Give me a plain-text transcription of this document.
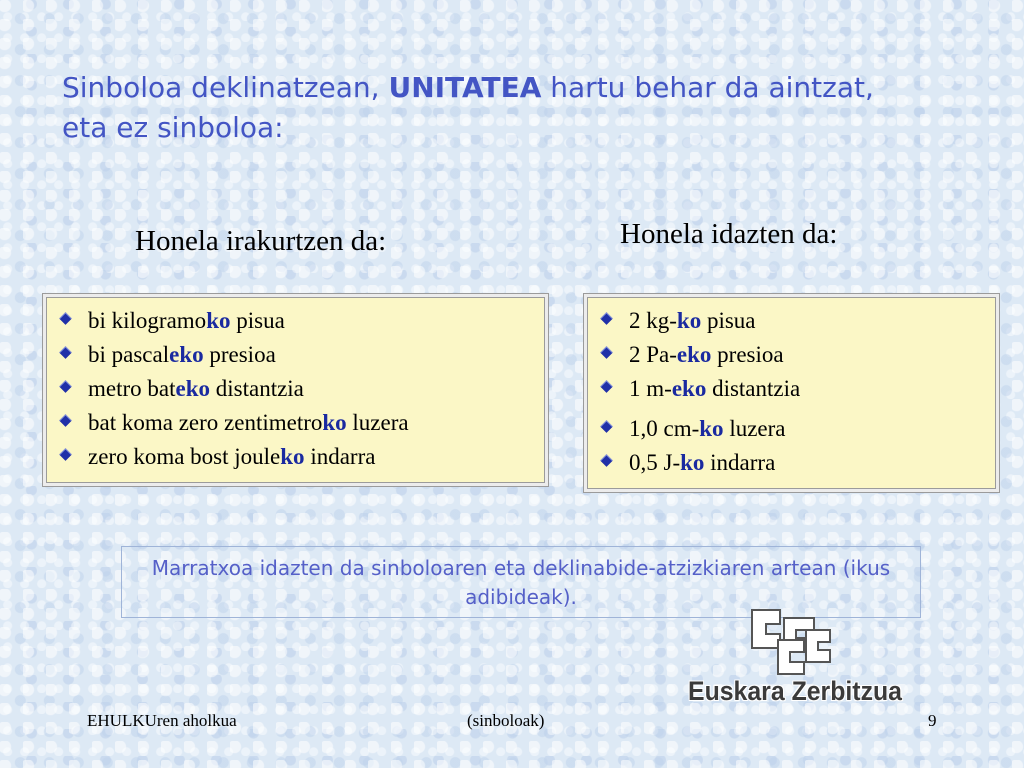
Sinboloa deklinatzean, UNITATEA hartu behar da aintzat, eta ez sinboloa:
Honela irakurtzen da:	Honela idazten da:
bi kilogramoko pisua
bi pascaleko presioa
metro bateko distantzia
bat koma zero zentimetroko luzera
zero koma bost jouleko indarra
2 kg-ko pisua
2 Pa-eko presioa
1 m-eko distantzia
1,0 cm-ko luzera
0,5 J-ko indarra
Marratxoa idazten da sinboloaren eta deklinabide-atzizkiaren artean (ikus adibideak).
Euskara Zerbitzua
EHULKUren aholkua	(sinboloak)	9
